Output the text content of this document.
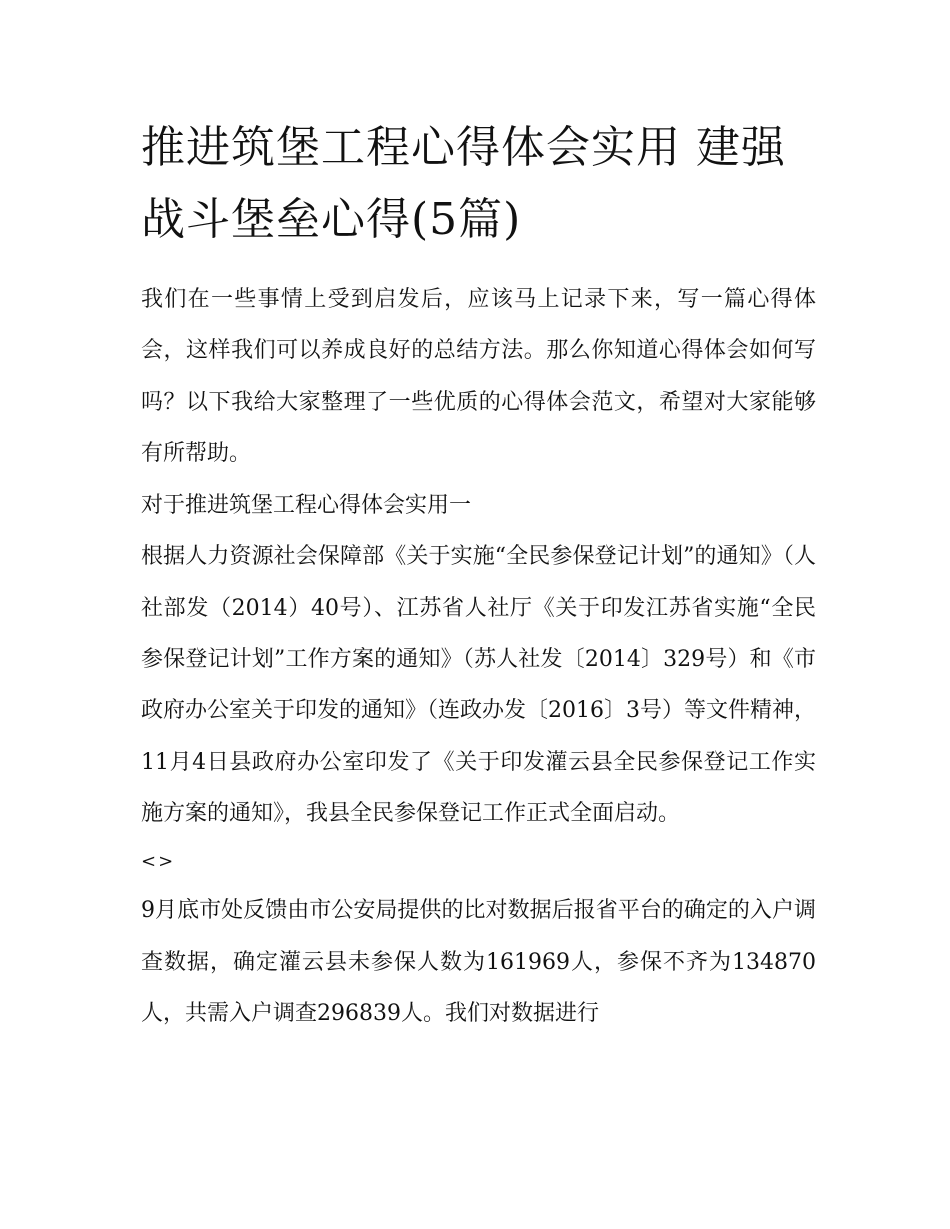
推进筑堡工程心得体会实用 建强战斗堡垒心得(5篇)

我们在一些事情上受到启发后，应该马上记录下来，写一篇心得体会，这样我们可以养成良好的总结方法。那么你知道心得体会如何写吗？以下我给大家整理了一些优质的心得体会范文，希望对大家能够有所帮助。

对于推进筑堡工程心得体会实用一

根据人力资源社会保障部《关于实施“全民参保登记计划”的通知》（人社部发（2014）40号）、江苏省人社厅《关于印发江苏省实施“全民参保登记计划”工作方案的通知》（苏人社发〔2014〕329号）和《市政府办公室关于印发的通知》（连政办发〔2016〕3号）等文件精神，11月4日县政府办公室印发了《关于印发灌云县全民参保登记工作实施方案的通知》，我县全民参保登记工作正式全面启动。

<>

9月底市处反馈由市公安局提供的比对数据后报省平台的确定的入户调查数据，确定灌云县未参保人数为161969人，参保不齐为134870人，共需入户调查296839人。我们对数据进行
